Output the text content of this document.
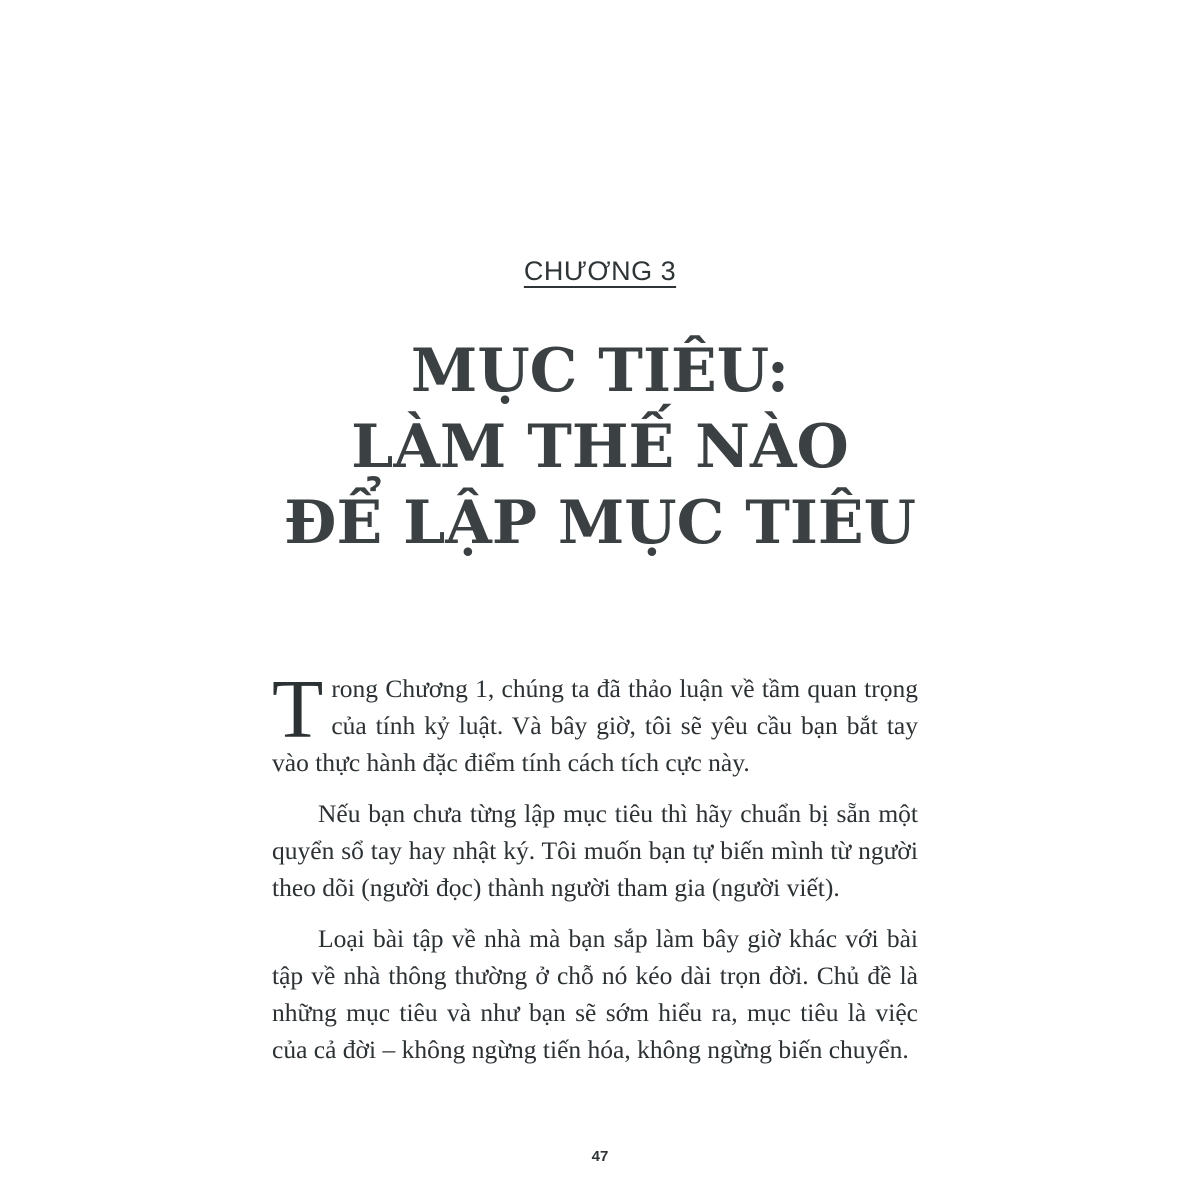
CHƯƠNG 3
MỤC TIÊU:
LÀM THẾ NÀO
ĐỂ LẬP MỤC TIÊU

Trong Chương 1, chúng ta đã thảo luận về tầm quan trọng của tính kỷ luật. Và bây giờ, tôi sẽ yêu cầu bạn bắt tay vào thực hành đặc điểm tính cách tích cực này.

Nếu bạn chưa từng lập mục tiêu thì hãy chuẩn bị sẵn một quyển sổ tay hay nhật ký. Tôi muốn bạn tự biến mình từ người theo dõi (người đọc) thành người tham gia (người viết).

Loại bài tập về nhà mà bạn sắp làm bây giờ khác với bài tập về nhà thông thường ở chỗ nó kéo dài trọn đời. Chủ đề là những mục tiêu và như bạn sẽ sớm hiểu ra, mục tiêu là việc của cả đời – không ngừng tiến hóa, không ngừng biến chuyển.

47
